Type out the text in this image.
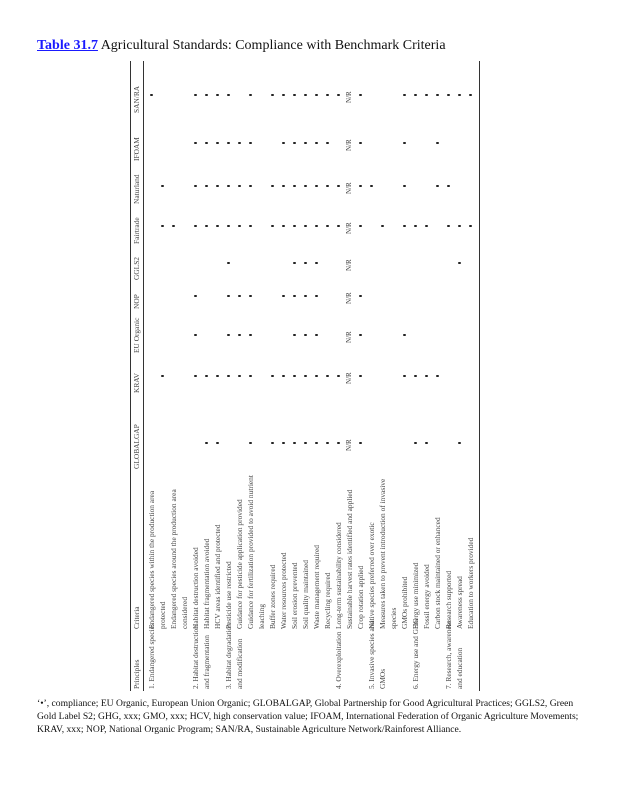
Table 31.7 Agricultural Standards: Compliance with Benchmark Criteria
Principles
Criteria
GLOBALGAP
KRAV
EU Organic
NOP
GGLS2
Fairtrade
Naturland
IFOAM
SAN/RA
1. Endangered species
Endangered species within the production area protected Endangered species around the production area considered
2. Habitat destruction
Habitat destruction avoided
and fragmentation
Habitat fragmentation avoided HCV areas identified and protected
3. Habitat degradation
Pesticide use restricted
and modification
Guidance for pesticide application provided Guidance for fertilization provided to avoid nutrient leaching Buffer zones required Water resources protected Soil erosion prevented Soil quality maintained Waste management required Recycling required
4. Overexploitation
Long-term sustainability considered Sustainable harvest rates identified and applied
N/R
N/R
N/R
N/R
N/R
N/R
N/R
N/R
N/R
Crop rotation applied
5. Invasive species and
Native species preferred over exotic
GMOs
Measures taken to prevent introduction of invasive species GMOs prohibited
6. Energy use and GHG
Energy use minimized Fossil energy avoided Carbon stock maintained or enhanced
7. Research, awareness
Research supported
and education
Awareness spread Education to workers provided
‘•’, compliance; EU Organic, European Union Organic; GLOBALGAP, Global Partnership for Good Agricultural Practices; GGLS2, Green Gold Label S2; GHG, xxx; GMO, xxx; HCV, high conservation value; IFOAM, International Federation of Organic Agriculture Movements; KRAV, xxx; NOP, National Organic Program; SAN/RA, Sustainable Agriculture Network/Rainforest Alliance.
